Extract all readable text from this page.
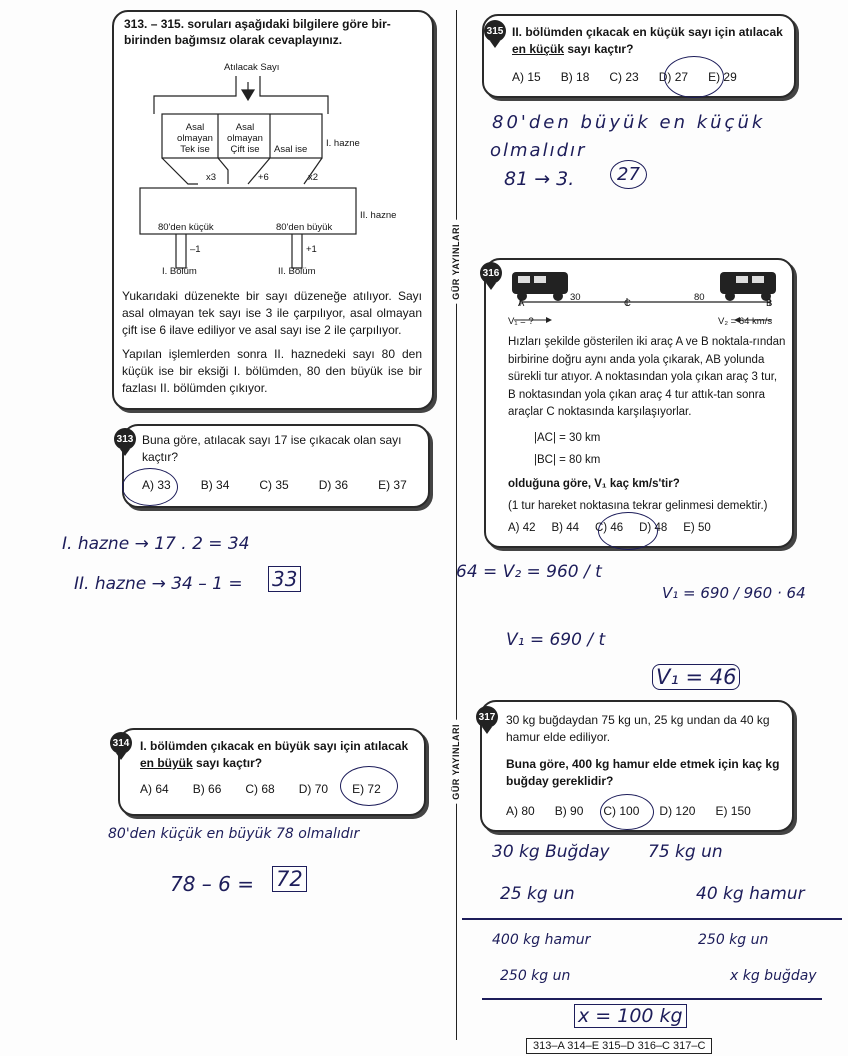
GÜR YAYINLARI
GÜR YAYINLARI
313. – 315. soruları aşağıdaki bilgilere göre bir-birinden bağımsız olarak cevaplayınız.
Atılacak Sayı
Asal olmayan Tek ise
Asal olmayan Çift ise	Asal ise
I. hazne
x3	+6	x2
II. hazne
80'den küçük	80'den büyük
–1	+1
I. Bölüm	II. Bölüm
Yukarıdaki düzenekte bir sayı düzeneğe atılıyor. Sayı asal olmayan tek sayı ise 3 ile çarpılıyor, asal olmayan çift ise 6 ilave ediliyor ve asal sayı ise 2 ile çarpılıyor.
Yapılan işlemlerden sonra II. haznedeki sayı 80 den küçük ise bir eksiği I. bölümden, 80 den büyük ise bir fazlası II. bölümden çıkıyor.
Buna göre, atılacak sayı 17 ise çıkacak olan sayı kaçtır?
A) 33	B) 34	C) 35	D) 36	E) 37
313
I. hazne → 17 . 2 = 34
II. hazne → 34 – 1 = 33
I. bölümden çıkacak en büyük sayı için atılacak
en büyük sayı kaçtır?
A) 64 B) 66 C) 68 D) 70 E) 72
314
80'den küçük en büyük 78 olmalıdır
78 – 6 = 72
II. bölümden çıkacak en küçük sayı için atılacak
en küçük sayı kaçtır?
A) 15 B) 18 C) 23 D) 27 E) 29
315
80'den büyük en küçük
olmalıdır
81 → 3.	27
A	C	B
30	80
V₁ = ?	V₂ = 64 km/s
Hızları şekilde gösterilen iki araç A ve B noktala-rından birbirine doğru aynı anda yola çıkarak, AB yolunda sürekli tur atıyor. A noktasından yola çıkan araç 3 tur, B noktasından yola çıkan araç 4 tur attık-tan sonra araçlar C noktasında karşılaşıyorlar.
|AC| = 30 km
|BC| = 80 km
olduğuna göre, V₁ kaç km/s'tir?
(1 tur hareket noktasına tekrar gelinmesi demektir.)
A) 42 B) 44 C) 46 D) 48 E) 50
316
64 = V₂ = 960 / t
V₁ = 690 / t
V₁ = 690 / 960 · 64
V₁ = 46
30 kg buğdaydan 75 kg un, 25 kg undan da 40 kg hamur elde ediliyor.
Buna göre, 400 kg hamur elde etmek için kaç kg buğday gereklidir?
A) 80 B) 90 C) 100 D) 120 E) 150
317
30 kg Buğday 75 kg un
25 kg un	40 kg hamur
400 kg hamur	250 kg un
250 kg un	x kg buğday
x = 100 kg
313–A 314–E 315–D 316–C 317–C
